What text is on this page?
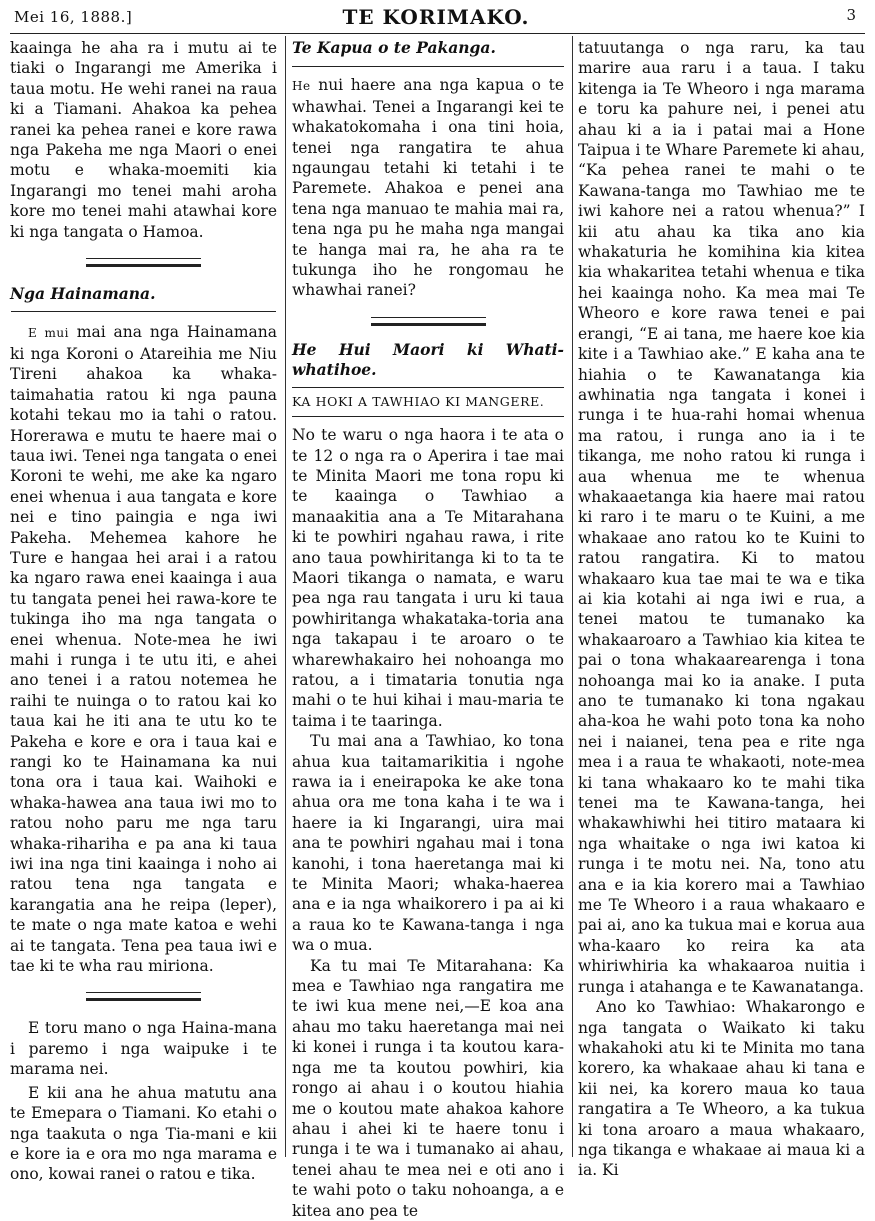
Mei 16, 1888.]	TE KORIMAKO.	3

kaainga he aha ra i mutu ai te tiaki o Ingarangi me Amerika i taua motu. He wehi ranei na raua ki a Tiamani. Ahakoa ka pehea ranei ka pehea ranei e kore rawa nga Pakeha me nga Maori o enei motu e whaka-moemiti kia Ingarangi mo tenei mahi aroha kore mo tenei mahi atawhai kore ki nga tangata o Hamoa.

Nga Hainamana.

E mui mai ana nga Hainamana ki nga Koroni o Atareihia me Niu Tireni ahakoa ka whaka-taimahatia ratou ki nga pauna kotahi tekau mo ia tahi o ratou. Horerawa e mutu te haere mai o taua iwi. Tenei nga tangata o enei Koroni te wehi, me ake ka ngaro enei whenua i aua tangata e kore nei e tino paingia e nga iwi Pakeha. Mehemea kahore he Ture e hangaa hei arai i a ratou ka ngaro rawa enei kaainga i aua tu tangata penei hei rawa-kore te tukinga iho ma nga tangata o enei whenua. Note-mea he iwi mahi i runga i te utu iti, e ahei ano tenei i a ratou notemea he raihi te nuinga o to ratou kai ko taua kai he iti ana te utu ko te Pakeha e kore e ora i taua kai e rangi ko te Hainamana ka nui tona ora i taua kai. Waihoki e whaka-hawea ana taua iwi mo to ratou noho paru me nga taru whaka-rihariha e pa ana ki taua iwi ina nga tini kaainga i noho ai ratou tena nga tangata e karangatia ana he reipa (leper), te mate o nga mate katoa e wehi ai te tangata. Tena pea taua iwi e tae ki te wha rau miriona.

E toru mano o nga Haina-mana i paremo i nga waipuke i te marama nei.

E kii ana he ahua matutu ana te Emepara o Tiamani. Ko etahi o nga taakuta o nga Tia-mani e kii e kore ia e ora mo nga marama e ono, kowai ranei o ratou e tika.

Te Kapua o te Pakanga.

He nui haere ana nga kapua o te whawhai. Tenei a Ingarangi kei te whakatokomaha i ona tini hoia, tenei nga rangatira te ahua ngaungau tetahi ki tetahi i te Paremete. Ahakoa e penei ana tena nga manuao te mahia mai ra, tena nga pu he maha nga mangai te hanga mai ra, he aha ra te tukunga iho he rongomau he whawhai ranei?

He Hui Maori ki Whati-whatihoe.

KA HOKI A TAWHIAO KI MANGERE.

No te waru o nga haora i te ata o te 12 o nga ra o Aperira i tae mai te Minita Maori me tona ropu ki te kaainga o Tawhiao a manaakitia ana a Te Mitarahana ki te powhiri ngahau rawa, i rite ano taua powhiritanga ki to ta te Maori tikanga o namata, e waru pea nga rau tangata i uru ki taua powhiritanga whakataka-toria ana nga takapau i te aroaro o te wharewhakairo hei nohoanga mo ratou, a i timataria tonutia nga mahi o te hui kihai i mau-maria te taima i te taaringa.

Tu mai ana a Tawhiao, ko tona ahua kua taitamarikitia i ngohe rawa ia i eneirapoka ke ake tona ahua ora me tona kaha i te wa i haere ia ki Ingarangi, uira mai ana te powhiri ngahau mai i tona kanohi, i tona haeretanga mai ki te Minita Maori; whaka-haerea ana e ia nga whaikorero i pa ai ki a raua ko te Kawana-tanga i nga wa o mua.

Ka tu mai Te Mitarahana: Ka mea e Tawhiao nga rangatira me te iwi kua mene nei,—E koa ana ahau mo taku haeretanga mai nei ki konei i runga i ta koutou kara-nga me ta koutou powhiri, kia rongo ai ahau i o koutou hiahia me o koutou mate ahakoa kahore ahau i ahei ki te haere tonu i runga i te wa i tumanako ai ahau, tenei ahau te mea nei e oti ano i te wahi poto o taku nohoanga, a e kitea ano pea te

tatuutanga o nga raru, ka tau marire aua raru i a taua. I taku kitenga ia Te Wheoro i nga marama e toru ka pahure nei, i penei atu ahau ki a ia i patai mai a Hone Taipua i te Whare Paremete ki ahau, “Ka pehea ranei te mahi o te Kawana-tanga mo Tawhiao me te iwi kahore nei a ratou whenua?” I kii atu ahau ka tika ano kia whakaturia he komihina kia kitea kia whakaritea tetahi whenua e tika hei kaainga noho. Ka mea mai Te Wheoro e kore rawa tenei e pai erangi, “E ai tana, me haere koe kia kite i a Tawhiao ake.” E kaha ana te hiahia o te Kawanatanga kia awhinatia nga tangata i konei i runga i te hua-rahi homai whenua ma ratou, i runga ano ia i te tikanga, me noho ratou ki runga i aua whenua me te whenua whakaaetanga kia haere mai ratou ki raro i te maru o te Kuini, a me whakaae ano ratou ko te Kuini to ratou rangatira. Ki to matou whakaaro kua tae mai te wa e tika ai kia kotahi ai nga iwi e rua, a tenei matou te tumanako ka whakaaroaro a Tawhiao kia kitea te pai o tona whakaarearenga i tona nohoanga mai ko ia anake. I puta ano te tumanako ki tona ngakau aha-koa he wahi poto tona ka noho nei i naianei, tena pea e rite nga mea i a raua te whakaoti, note-mea ki tana whakaaro ko te mahi tika tenei ma te Kawana-tanga, hei whakawhiwhi hei titiro mataara ki nga whaitake o nga iwi katoa ki runga i te motu nei. Na, tono atu ana e ia kia korero mai a Tawhiao me Te Wheoro i a raua whakaaro e pai ai, ano ka tukua mai e korua aua wha-kaaro ko reira ka ata whiriwhiria ka whakaaroa nuitia i runga i atahanga e te Kawanatanga.

Ano ko Tawhiao: Whakarongo e nga tangata o Waikato ki taku whakahoki atu ki te Minita mo tana korero, ka whakaae ahau ki tana e kii nei, ka korero maua ko taua rangatira a Te Wheoro, a ka tukua ki tona aroaro a maua whakaaro, nga tikanga e whakaae ai maua ki a ia. Ki
